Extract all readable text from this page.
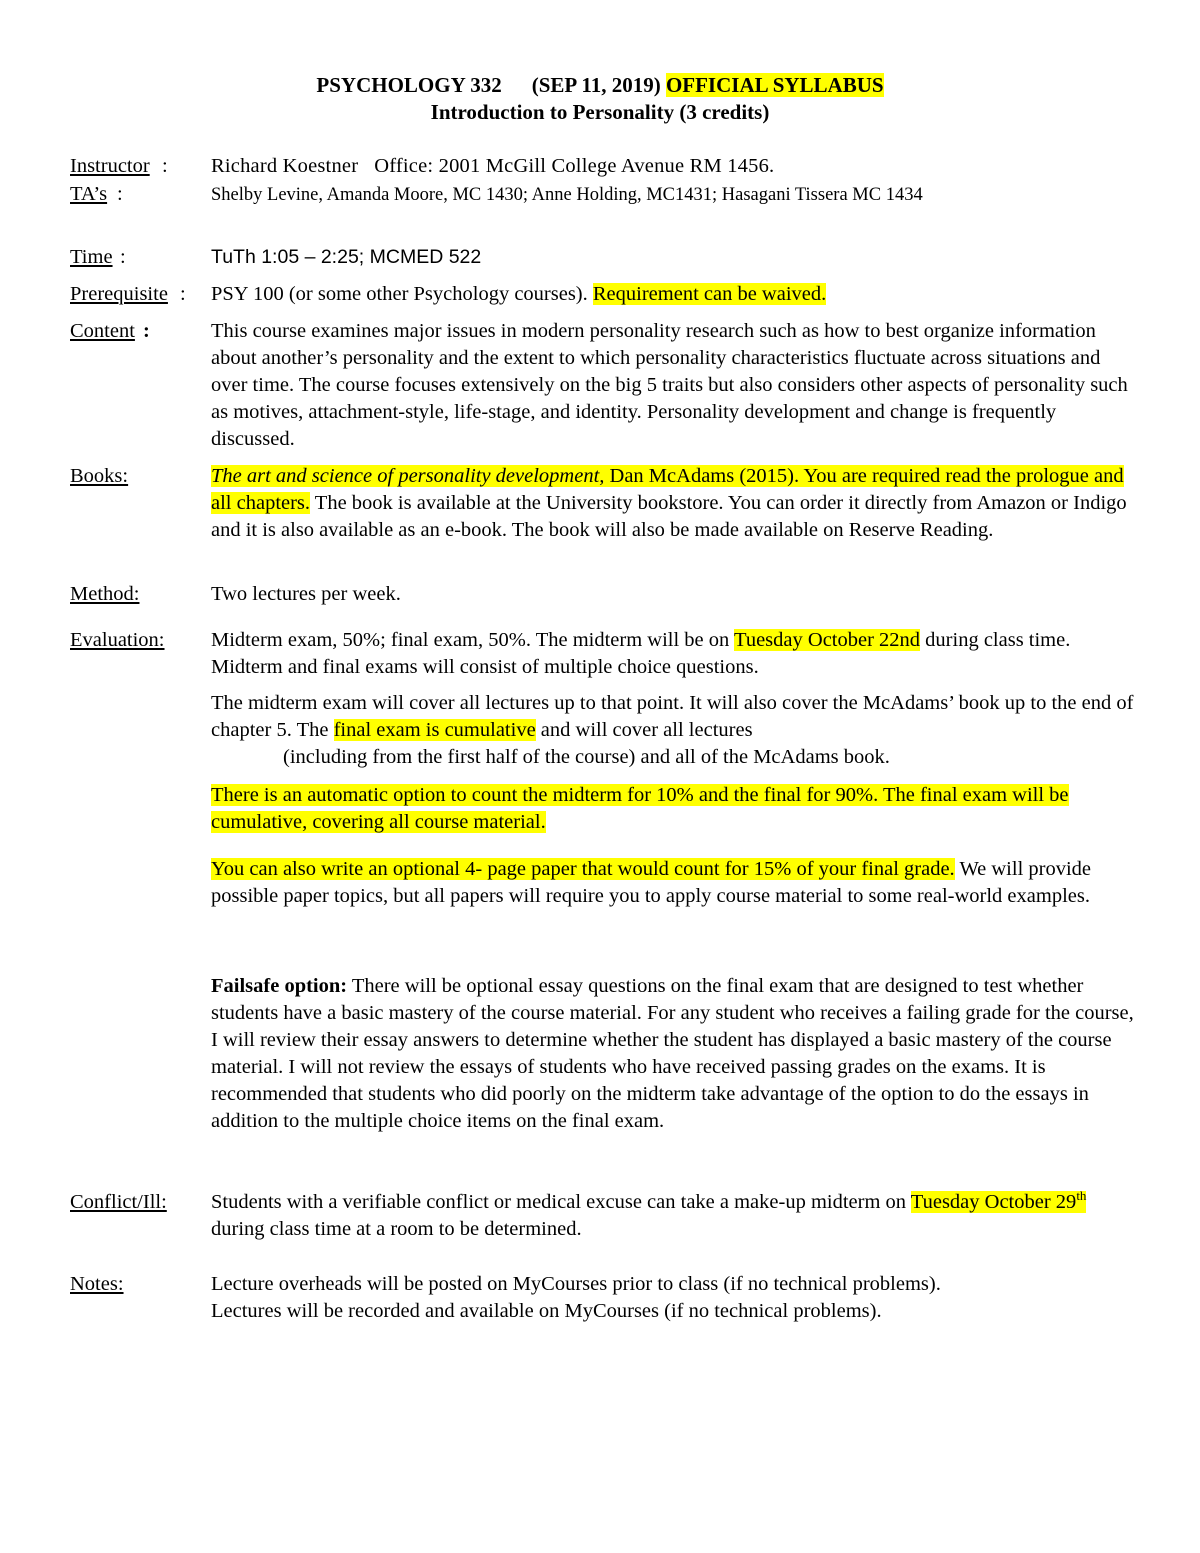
PSYCHOLOGY 332 (SEP 11, 2019) OFFICIAL SYLLABUS
Introduction to Personality (3 credits)
Instructor : Richard Koestner Office: 2001 McGill College Avenue RM 1456.
TA’s :	Shelby Levine, Amanda Moore, MC 1430; Anne Holding, MC1431; Hasagani Tissera MC 1434
Time :	TuTh 1:05 – 2:25; MCMED 522
Prerequisite : PSY 100 (or some other Psychology courses). Requirement can be waived.
Content :	This course examines major issues in modern personality research such as how to best organize information about another’s personality and the extent to which personality characteristics fluctuate across situations and over time. The course focuses extensively on the big 5 traits but also considers other aspects of personality such as motives, attachment-style, life-stage, and identity. Personality development and change is frequently discussed.
Books:	The art and science of personality development, Dan McAdams (2015). You are required read the prologue and all chapters. The book is available at the University bookstore. You can order it directly from Amazon or Indigo and it is also available as an e-book. The book will also be made available on Reserve Reading.
Method:	Two lectures per week.
Evaluation: Midterm exam, 50%; final exam, 50%. The midterm will be on Tuesday October 22nd during class time. Midterm and final exams will consist of multiple choice questions.

The midterm exam will cover all lectures up to that point. It will also cover the McAdams’ book up to the end of chapter 5. The final exam is cumulative and will cover all lectures

(including from the first half of the course) and all of the McAdams book.

There is an automatic option to count the midterm for 10% and the final for 90%. The final exam will be cumulative, covering all course material.

You can also write an optional 4- page paper that would count for 15% of your final grade. We will provide possible paper topics, but all papers will require you to apply course material to some real-world examples.

Failsafe option: There will be optional essay questions on the final exam that are designed to test whether students have a basic mastery of the course material. For any student who receives a failing grade for the course, I will review their essay answers to determine whether the student has displayed a basic mastery of the course material. I will not review the essays of students who have received passing grades on the exams. It is recommended that students who did poorly on the midterm take advantage of the option to do the essays in addition to the multiple choice items on the final exam.

Conflict/Ill: Students with a verifiable conflict or medical excuse can take a make-up midterm on Tuesday October 29th during class time at a room to be determined.
Notes:	Lecture overheads will be posted on MyCourses prior to class (if no technical problems).

Lectures will be recorded and available on MyCourses (if no technical problems).
